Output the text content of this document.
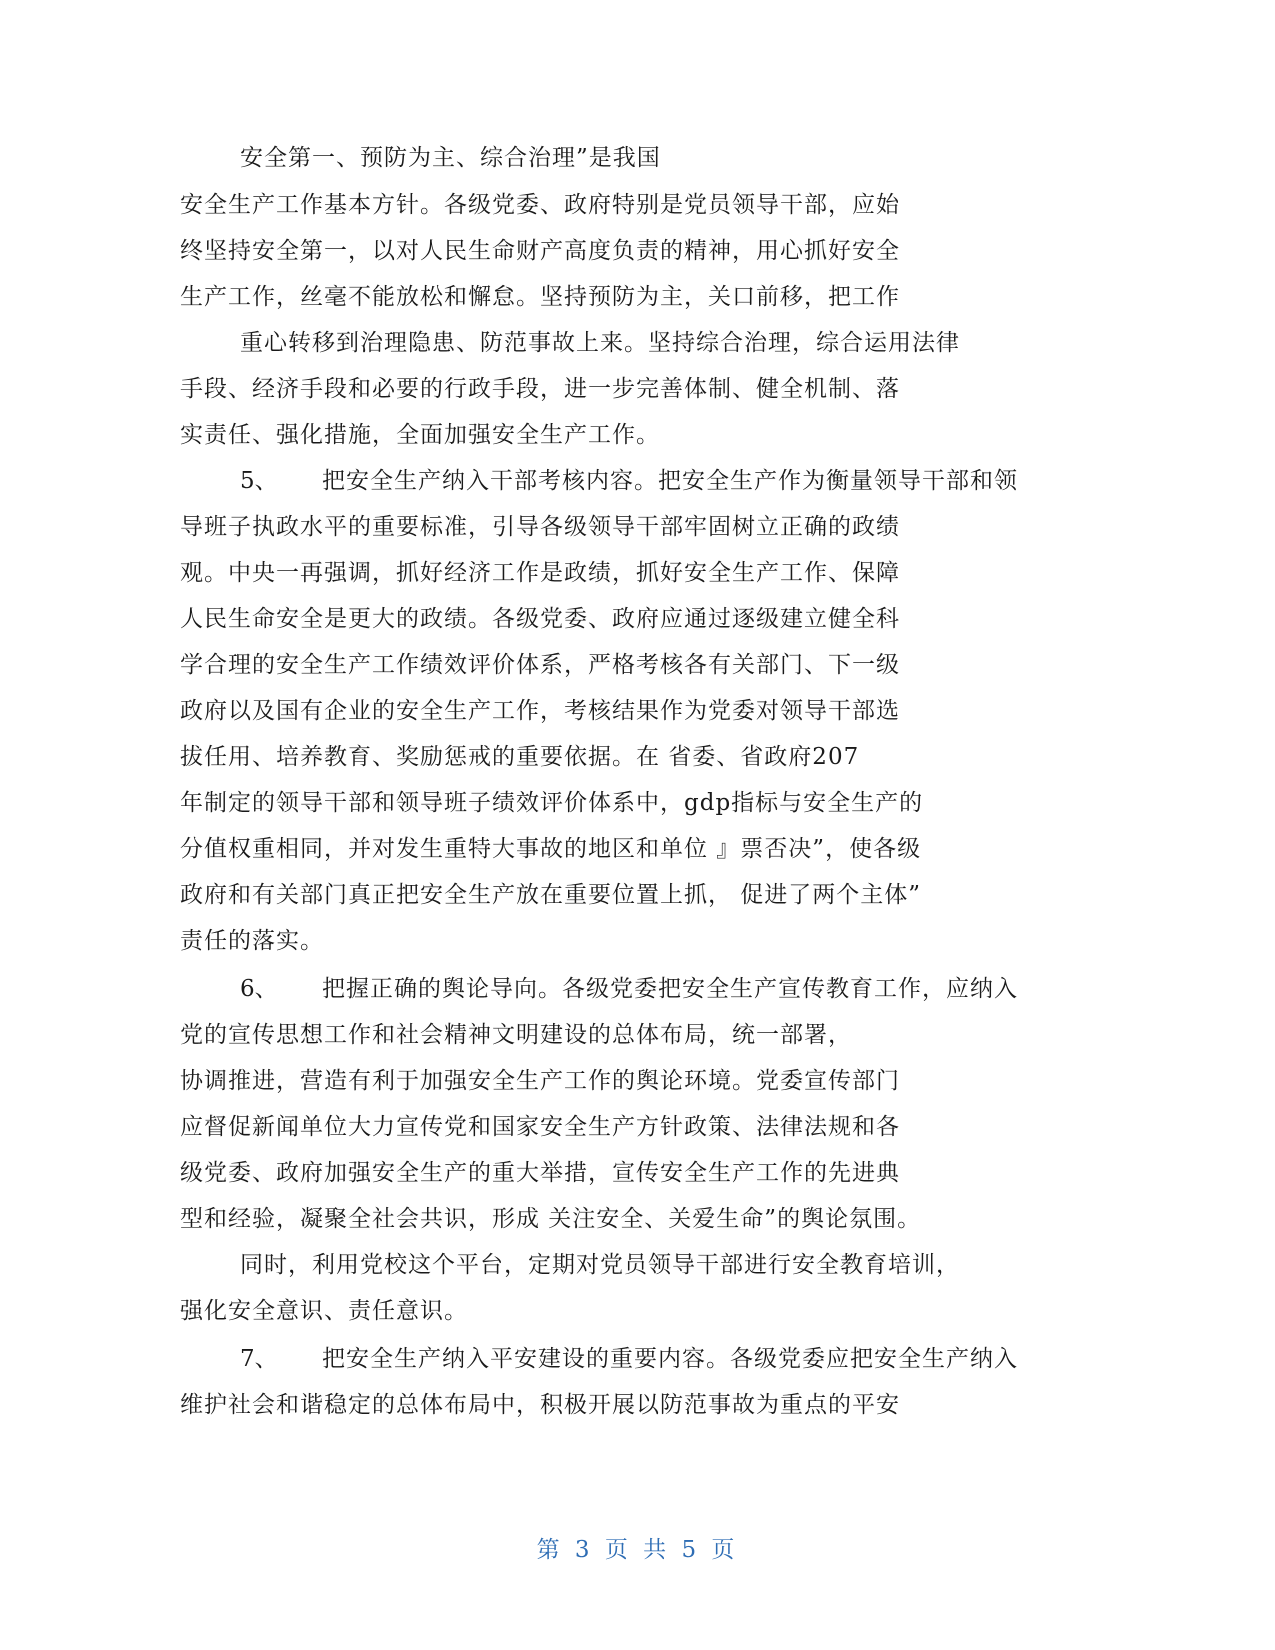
安全第一、预防为主、综合治理”是我国
安全生产工作基本方针。各级党委、政府特别是党员领导干部，应始
终坚持安全第一，以对人民生命财产高度负责的精神，用心抓好安全
生产工作，丝毫不能放松和懈怠。坚持预防为主，关口前移，把工作
重心转移到治理隐患、防范事故上来。坚持综合治理，综合运用法律
手段、经济手段和必要的行政手段，进一步完善体制、健全机制、落
实责任、强化措施，全面加强安全生产工作。
5、 把安全生产纳入干部考核内容。把安全生产作为衡量领导干部和领
导班子执政水平的重要标准，引导各级领导干部牢固树立正确的政绩
观。中央一再强调，抓好经济工作是政绩，抓好安全生产工作、保障
人民生命安全是更大的政绩。各级党委、政府应通过逐级建立健全科
学合理的安全生产工作绩效评价体系，严格考核各有关部门、下一级
政府以及国有企业的安全生产工作，考核结果作为党委对领导干部选
拔任用、培养教育、奖励惩戒的重要依据。在 省委、省政府207
年制定的领导干部和领导班子绩效评价体系中，gdp指标与安全生产的
分值权重相同，并对发生重特大事故的地区和单位 』票否决”，使各级
政府和有关部门真正把安全生产放在重要位置上抓， 促进了两个主体”
责任的落实。
6、 把握正确的舆论导向。各级党委把安全生产宣传教育工作，应纳入
党的宣传思想工作和社会精神文明建设的总体布局，统一部署，
协调推进，营造有利于加强安全生产工作的舆论环境。党委宣传部门
应督促新闻单位大力宣传党和国家安全生产方针政策、法律法规和各
级党委、政府加强安全生产的重大举措，宣传安全生产工作的先进典
型和经验，凝聚全社会共识，形成 关注安全、关爱生命”的舆论氛围。
同时，利用党校这个平台，定期对党员领导干部进行安全教育培训，
强化安全意识、责任意识。
7、 把安全生产纳入平安建设的重要内容。各级党委应把安全生产纳入
维护社会和谐稳定的总体布局中，积极开展以防范事故为重点的平安
第 3 页 共 5 页
